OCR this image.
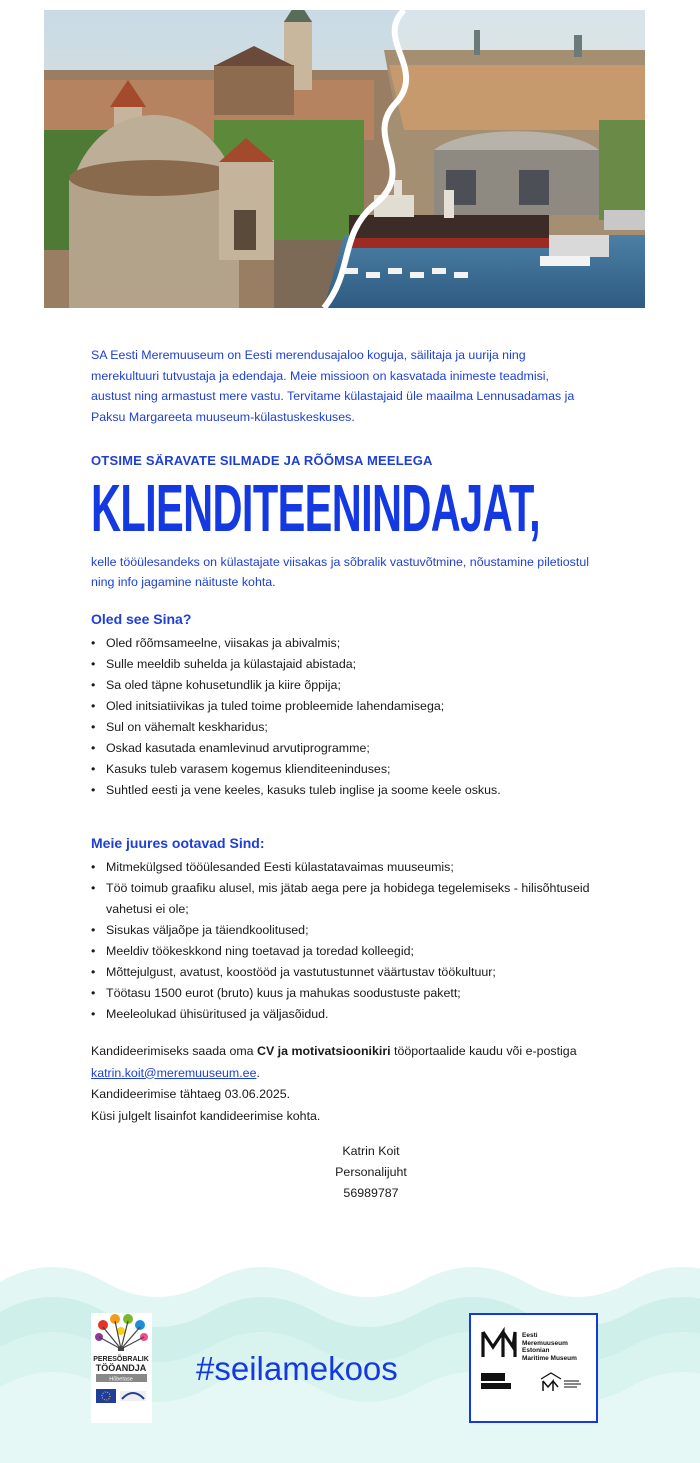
SA Eesti Meremuuseum on Eesti merendusajaloo koguja, säilitaja ja uurija ning merekultuuri tutvustaja ja edendaja. Meie missioon on kasvatada inimeste teadmisi, austust ning armastust mere vastu. Tervitame külastajaid üle maailma Lennusadamas ja Paksu Margareeta muuseum-külastuskeskuses.

OTSIME SÄRAVATE SILMADE JA RÕÕMSA MEELEGA
KLIENDITEENINDAJAT,
kelle tööülesandeks on külastajate viisakas ja sõbralik vastuvõtmine, nõustamine piletiostul ning info jagamine näituste kohta.
Oled see Sina?
• Oled rõõmsameelne, viisakas ja abivalmis;
• Sulle meeldib suhelda ja külastajaid abistada;
• Sa oled täpne kohusetundlik ja kiire õppija;
• Oled initsiatiivikas ja tuled toime probleemide lahendamisega;
• Sul on vähemalt keskharidus;
• Oskad kasutada enamlevinud arvutiprogramme;
• Kasuks tuleb varasem kogemus klienditeeninduses;
• Suhtled eesti ja vene keeles, kasuks tuleb inglise ja soome keele oskus.
Meie juures ootavad Sind:
• Mitmekülgsed tööülesanded Eesti külastatavaimas muuseumis;
• Töö toimub graafiku alusel, mis jätab aega pere ja hobidega tegelemiseks - hilisõhtuseid vahetusi ei ole;
• Sisukas väljaõpe ja täiendkoolitused;
• Meeldiv töökeskkond ning toetavad ja toredad kolleegid;
• Mõttejulgust, avatust, koostööd ja vastutustunnet väärtustav töökultuur;
• Töötasu 1500 eurot (bruto) kuus ja mahukas soodustuste pakett;
• Meeleolukad ühisüritused ja väljasõidud.
Kandideerimiseks saada oma CV ja motivatsioonikiri tööportaalide kaudu või e-postiga katrin.koit@meremuuseum.ee.
Kandideerimise tähtaeg 03.06.2025.
Küsi julgelt lisainfot kandideerimise kohta.
Katrin Koit
Personalijuht
56989787
PERESÕBRALIK
TÖÖANDJA
Hõbetase #seilamekoos
Eesti
Meremuuseum
Estonian
Maritime Museum
